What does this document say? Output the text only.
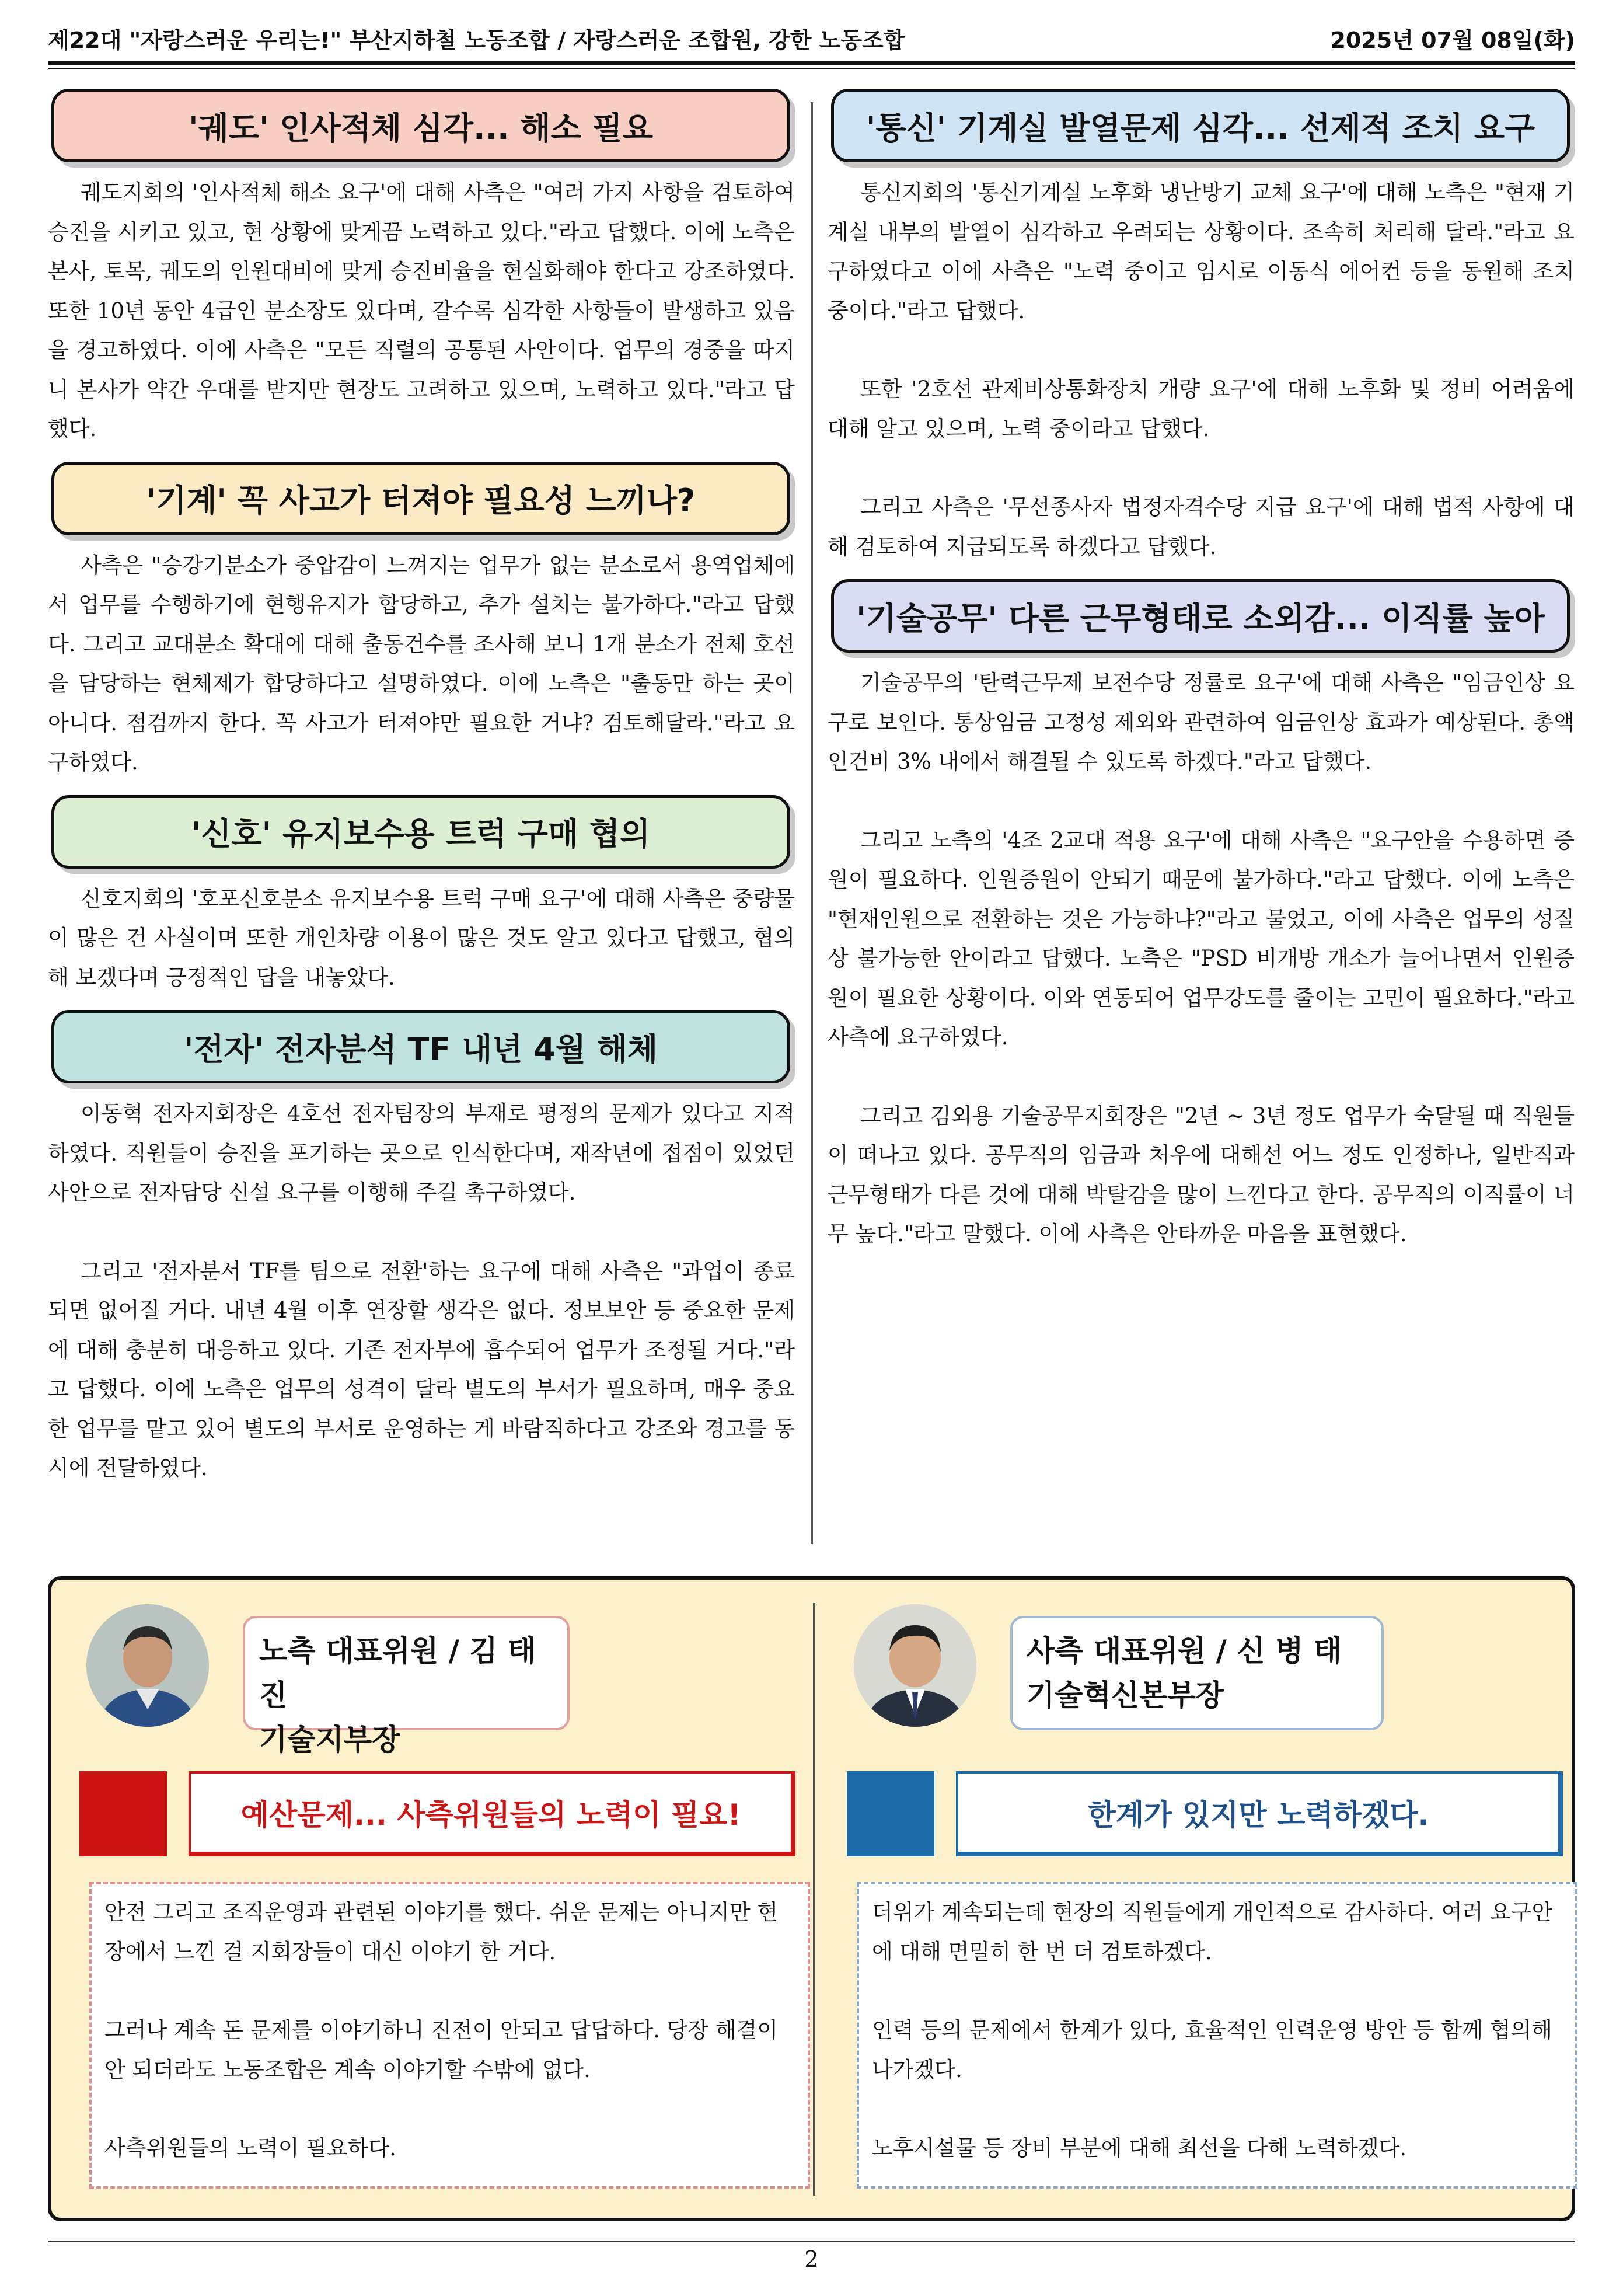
제22대 "자랑스러운 우리는!" 부산지하철 노동조합 / 자랑스러운 조합원, 강한 노동조합	2025년 07월 08일(화)
'궤도' 인사적체 심각... 해소 필요

궤도지회의 '인사적체 해소 요구'에 대해 사측은 "여러 가지 사항을 검토하여 승진을 시키고 있고, 현 상황에 맞게끔 노력하고 있다."라고 답했다. 이에 노측은 본사, 토목, 궤도의 인원대비에 맞게 승진비율을 현실화해야 한다고 강조하였다. 또한 10년 동안 4급인 분소장도 있다며, 갈수록 심각한 사항들이 발생하고 있음을 경고하였다. 이에 사측은 "모든 직렬의 공통된 사안이다. 업무의 경중을 따지니 본사가 약간 우대를 받지만 현장도 고려하고 있으며, 노력하고 있다."라고 답했다.

'기계' 꼭 사고가 터져야 필요성 느끼나?

사측은 "승강기분소가 중압감이 느껴지는 업무가 없는 분소로서 용역업체에서 업무를 수행하기에 현행유지가 합당하고, 추가 설치는 불가하다."라고 답했다. 그리고 교대분소 확대에 대해 출동건수를 조사해 보니 1개 분소가 전체 호선을 담당하는 현체제가 합당하다고 설명하였다. 이에 노측은 "출동만 하는 곳이 아니다. 점검까지 한다. 꼭 사고가 터져야만 필요한 거냐? 검토해달라."라고 요구하였다.

'신호' 유지보수용 트럭 구매 협의

신호지회의 '호포신호분소 유지보수용 트럭 구매 요구'에 대해 사측은 중량물이 많은 건 사실이며 또한 개인차량 이용이 많은 것도 알고 있다고 답했고, 협의해 보겠다며 긍정적인 답을 내놓았다.

'전자' 전자분석 TF 내년 4월 해체

이동혁 전자지회장은 4호선 전자팀장의 부재로 평정의 문제가 있다고 지적하였다. 직원들이 승진을 포기하는 곳으로 인식한다며, 재작년에 접점이 있었던 사안으로 전자담당 신설 요구를 이행해 주길 촉구하였다.

그리고 '전자분서 TF를 팀으로 전환'하는 요구에 대해 사측은 "과업이 종료되면 없어질 거다. 내년 4월 이후 연장할 생각은 없다. 정보보안 등 중요한 문제에 대해 충분히 대응하고 있다. 기존 전자부에 흡수되어 업무가 조정될 거다."라고 답했다. 이에 노측은 업무의 성격이 달라 별도의 부서가 필요하며, 매우 중요한 업무를 맡고 있어 별도의 부서로 운영하는 게 바람직하다고 강조와 경고를 동시에 전달하였다.

'통신' 기계실 발열문제 심각... 선제적 조치 요구

통신지회의 '통신기계실 노후화 냉난방기 교체 요구'에 대해 노측은 "현재 기계실 내부의 발열이 심각하고 우려되는 상황이다. 조속히 처리해 달라."라고 요구하였다고 이에 사측은 "노력 중이고 임시로 이동식 에어컨 등을 동원해 조치 중이다."라고 답했다.

또한 '2호선 관제비상통화장치 개량 요구'에 대해 노후화 및 정비 어려움에 대해 알고 있으며, 노력 중이라고 답했다.

그리고 사측은 '무선종사자 법정자격수당 지급 요구'에 대해 법적 사항에 대해 검토하여 지급되도록 하겠다고 답했다.

'기술공무' 다른 근무형태로 소외감... 이직률 높아

기술공무의 '탄력근무제 보전수당 정률로 요구'에 대해 사측은 "임금인상 요구로 보인다. 통상임금 고정성 제외와 관련하여 임금인상 효과가 예상된다. 총액인건비 3% 내에서 해결될 수 있도록 하겠다."라고 답했다.

그리고 노측의 '4조 2교대 적용 요구'에 대해 사측은 "요구안을 수용하면 증원이 필요하다. 인원증원이 안되기 때문에 불가하다."라고 답했다. 이에 노측은 "현재인원으로 전환하는 것은 가능하냐?"라고 물었고, 이에 사측은 업무의 성질상 불가능한 안이라고 답했다. 노측은 "PSD 비개방 개소가 늘어나면서 인원증원이 필요한 상황이다. 이와 연동되어 업무강도를 줄이는 고민이 필요하다."라고 사측에 요구하였다.

그리고 김외용 기술공무지회장은 "2년 ~ 3년 정도 업무가 숙달될 때 직원들이 떠나고 있다. 공무직의 임금과 처우에 대해선 어느 정도 인정하나, 일반직과 근무형태가 다른 것에 대해 박탈감을 많이 느낀다고 한다. 공무직의 이직률이 너무 높다."라고 말했다. 이에 사측은 안타까운 마음을 표현했다.

노측 대표위원 / 김 태 진
기술지부장
예산문제... 사측위원들의 노력이 필요!

안전 그리고 조직운영과 관련된 이야기를 했다. 쉬운 문제는 아니지만 현장에서 느낀 걸 지회장들이 대신 이야기 한 거다.

그러나 계속 돈 문제를 이야기하니 진전이 안되고 답답하다. 당장 해결이 안 되더라도 노동조합은 계속 이야기할 수밖에 없다.

사측위원들의 노력이 필요하다.

사측 대표위원 / 신 병 태
기술혁신본부장
한계가 있지만 노력하겠다.

더위가 계속되는데 현장의 직원들에게 개인적으로 감사하다. 여러 요구안에 대해 면밀히 한 번 더 검토하겠다.

인력 등의 문제에서 한계가 있다, 효율적인 인력운영 방안 등 함께 협의해 나가겠다.

노후시설물 등 장비 부분에 대해 최선을 다해 노력하겠다.

2
